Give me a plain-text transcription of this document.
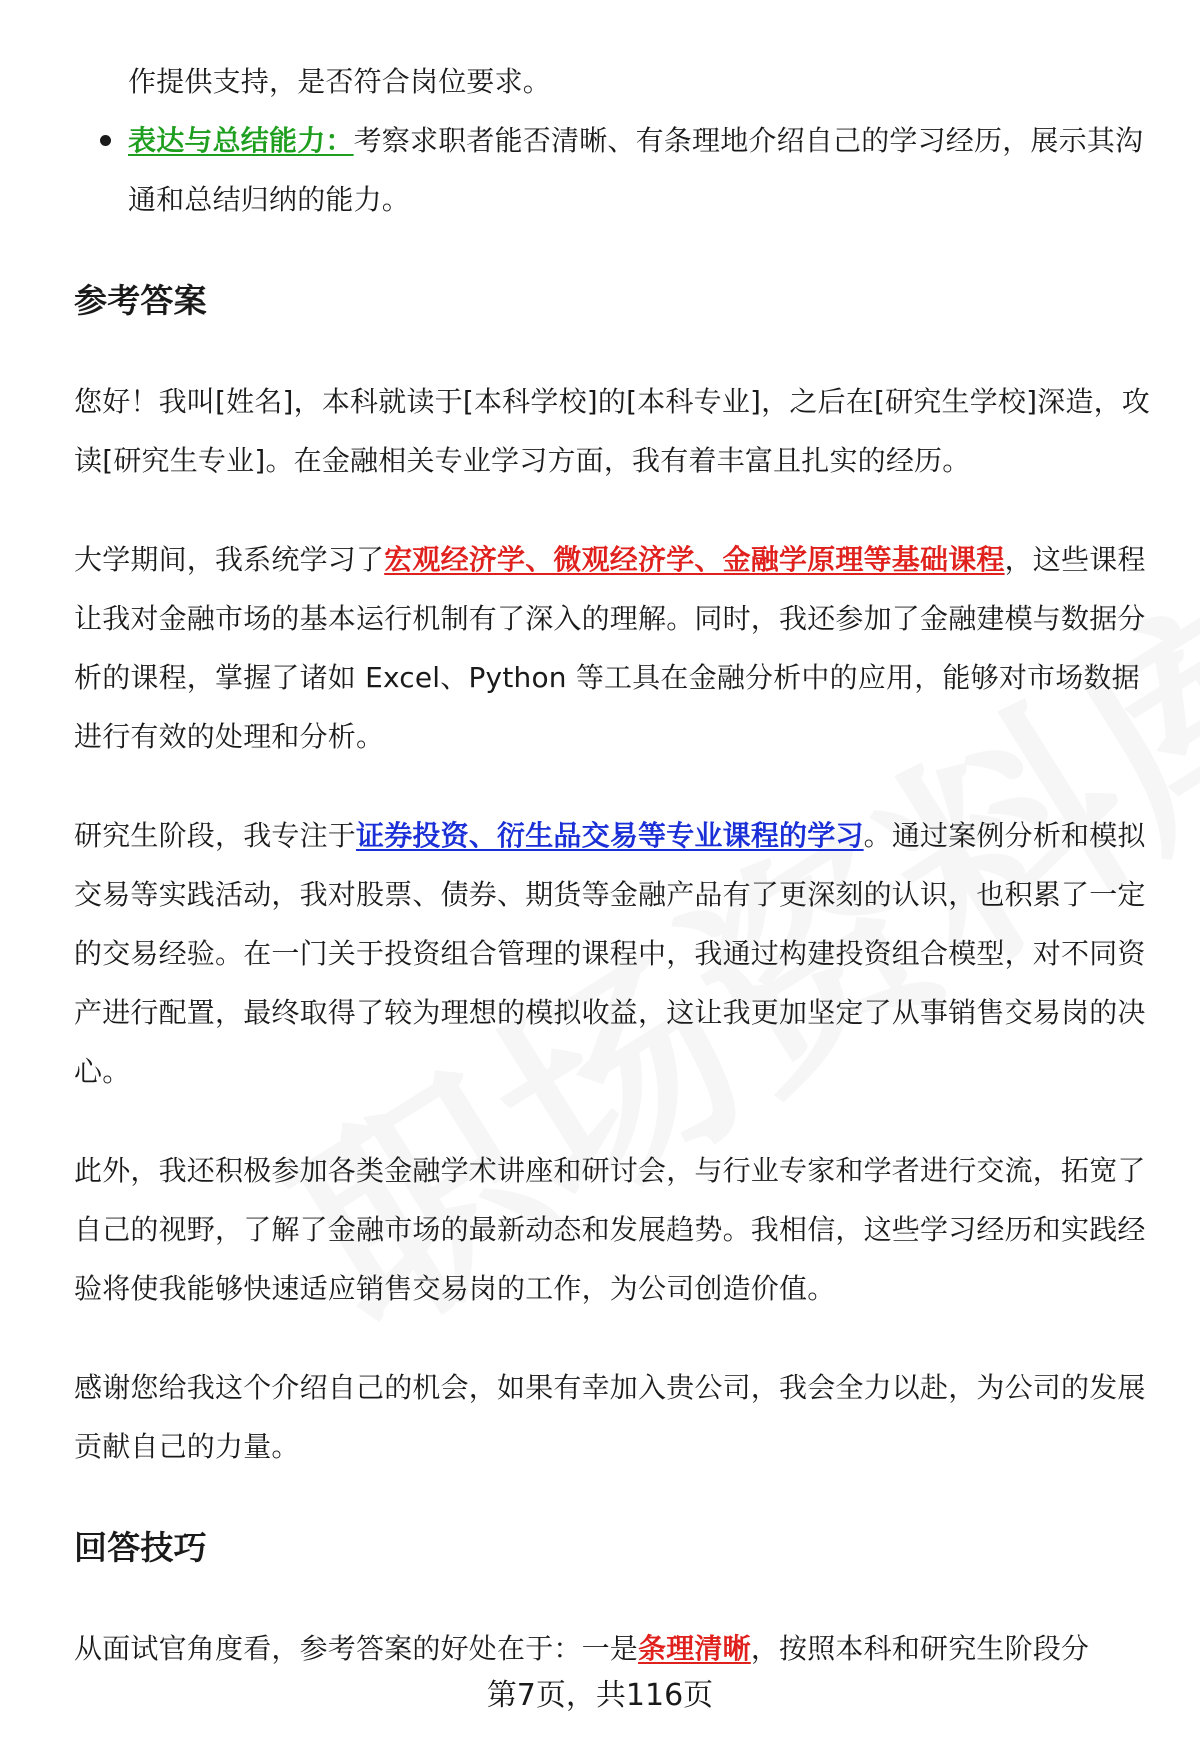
作提供支持，是否符合岗位要求。

表达与总结能力：考察求职者能否清晰、有条理地介绍自己的学习经历，展示其沟通和总结归纳的能力。

参考答案

您好！我叫[姓名]，本科就读于[本科学校]的[本科专业]，之后在[研究生学校]深造，攻读[研究生专业]。在金融相关专业学习方面，我有着丰富且扎实的经历。

大学期间，我系统学习了宏观经济学、微观经济学、金融学原理等基础课程，这些课程让我对金融市场的基本运行机制有了深入的理解。同时，我还参加了金融建模与数据分析的课程，掌握了诸如 Excel、Python 等工具在金融分析中的应用，能够对市场数据进行有效的处理和分析。

研究生阶段，我专注于证券投资、衍生品交易等专业课程的学习。通过案例分析和模拟交易等实践活动，我对股票、债券、期货等金融产品有了更深刻的认识，也积累了一定的交易经验。在一门关于投资组合管理的课程中，我通过构建投资组合模型，对不同资产进行配置，最终取得了较为理想的模拟收益，这让我更加坚定了从事销售交易岗的决心。

此外，我还积极参加各类金融学术讲座和研讨会，与行业专家和学者进行交流，拓宽了自己的视野，了解了金融市场的最新动态和发展趋势。我相信，这些学习经历和实践经验将使我能够快速适应销售交易岗的工作，为公司创造价值。

感谢您给我这个介绍自己的机会，如果有幸加入贵公司，我会全力以赴，为公司的发展贡献自己的力量。

回答技巧

从面试官角度看，参考答案的好处在于：一是条理清晰，按照本科和研究生阶段分

第7页，共116页
